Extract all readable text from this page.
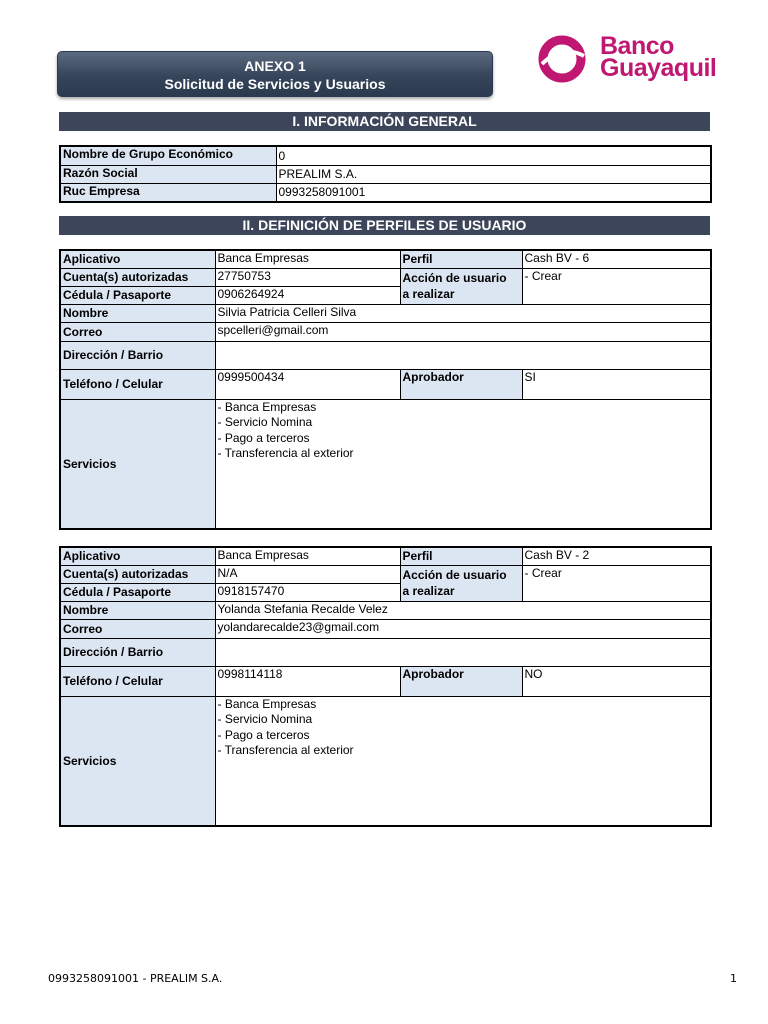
ANEXO 1
Solicitud de Servicios y Usuarios
Banco
Guayaquil
I. INFORMACIÓN GENERAL
Nombre de Grupo Económico	0
Razón Social	PREALIM S.A.
Ruc Empresa	0993258091001
II. DEFINICIÓN DE PERFILES DE USUARIO
Aplicativo	Banca Empresas	Perfil	Cash BV - 6
Cuenta(s) autorizadas	27750753	Acción de usuario
a realizar	- Crear
Cédula / Pasaporte	0906264924		
Nombre	Silvia Patricia Celleri Silva		
Correo	spcelleri@gmail.com		
Dirección / Barrio			
Teléfono / Celular	0999500434	Aprobador	SI
Servicios	- Banca Empresas
- Servicio Nomina
- Pago a terceros
- Transferencia al exterior		
Aplicativo	Banca Empresas	Perfil	Cash BV - 2
Cuenta(s) autorizadas	N/A	Acción de usuario
a realizar	- Crear
Cédula / Pasaporte	0918157470		
Nombre	Yolanda Stefania Recalde Velez		
Correo	yolandarecalde23@gmail.com		
Dirección / Barrio			
Teléfono / Celular	0998114118	Aprobador	NO
Servicios	- Banca Empresas
- Servicio Nomina
- Pago a terceros
- Transferencia al exterior		
0993258091001 - PREALIM S.A.	1
